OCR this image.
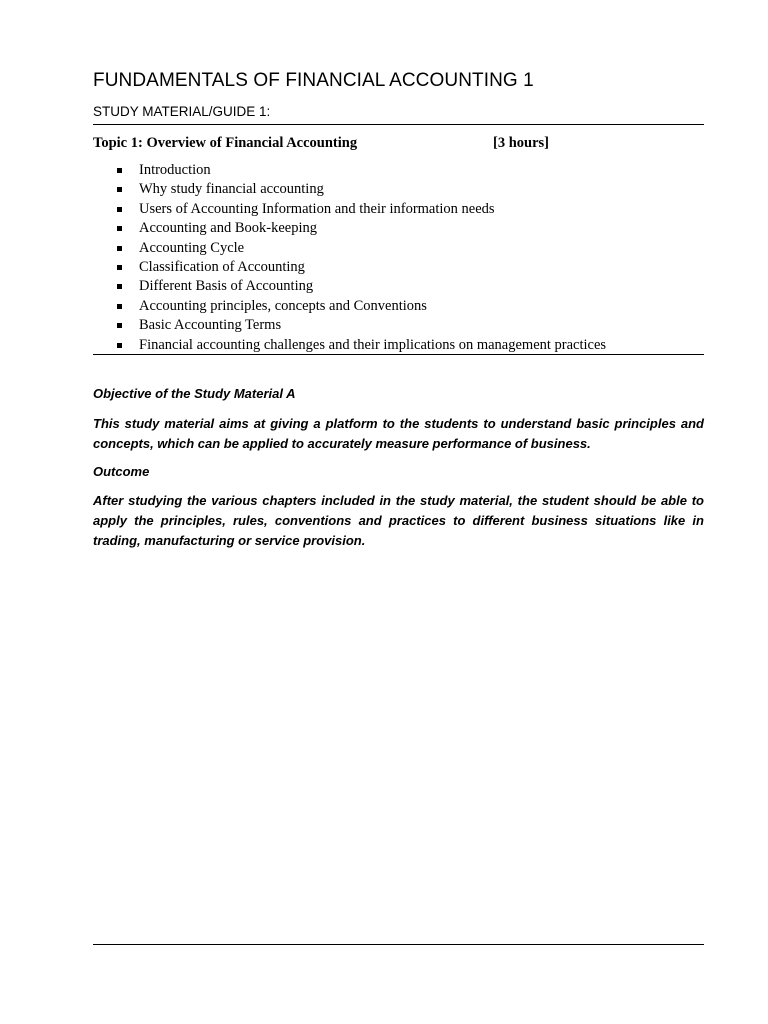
FUNDAMENTALS OF FINANCIAL ACCOUNTING 1
STUDY MATERIAL/GUIDE 1:
Topic 1: Overview of Financial Accounting	[3 hours]
Introduction
Why study financial accounting
Users of Accounting Information and their information needs
Accounting and Book-keeping
Accounting Cycle
Classification of Accounting
Different Basis of Accounting
Accounting principles, concepts and Conventions
Basic Accounting Terms
Financial accounting challenges and their implications on management practices
Objective of the Study Material A
This study material aims at giving a platform to the students to understand basic principles and concepts, which can be applied to accurately measure performance of business.
Outcome
After studying the various chapters included in the study material, the student should be able to apply the principles, rules, conventions and practices to different business situations like in trading, manufacturing or service provision.
